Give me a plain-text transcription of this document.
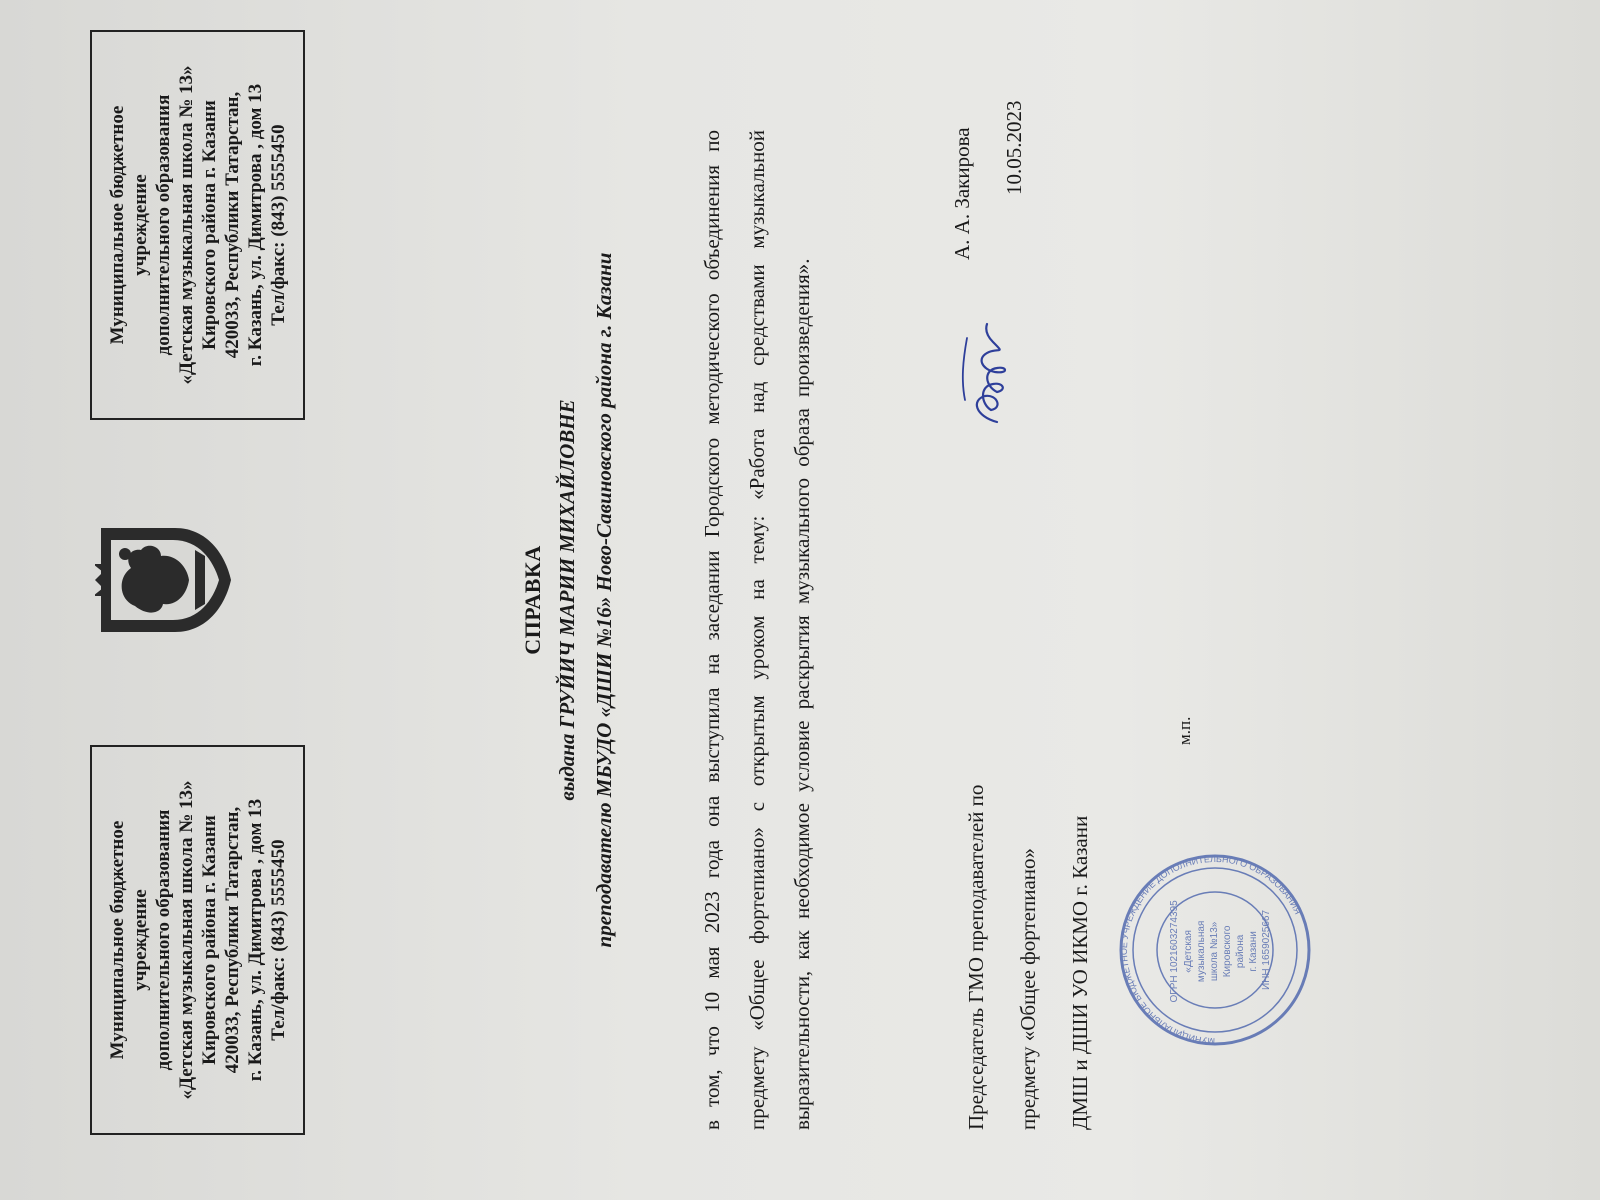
Муниципальное бюджетное учреждение дополнительного образования «Детская музыкальная школа № 13» Кировского района г. Казани 420033, Республики Татарстан, г. Казань, ул. Димитрова , дом 13 Тел/факс: (843) 5555450
Муниципальное бюджетное учреждение дополнительного образования «Детская музыкальная школа № 13» Кировского района г. Казани 420033, Республики Татарстан, г. Казань, ул. Димитрова , дом 13 Тел/факс: (843) 5555450
СПРАВКА выдана ГРУЙИЧ МАРИИ МИХАЙЛОВНЕ преподавателю МБУДО «ДШИ №16» Ново-Савиновского района г. Казани	в том, что 10 мая 2023 года она выступила на заседании Городского методического объединения по предмету «Общее фортепиано» с открытым уроком на тему: «Работа над средствами музыкальной выразительности, как необходимое условие раскрытия музыкального образа произведения».	Председатель ГМО преподавателей по	предмету «Общее фортепиано»	ДМШ и ДШИ УО ИКМО г. Казани
А. А. Закирова 10.05.2023
МУНИЦИПАЛЬНОЕ БЮДЖЕТНОЕ УЧРЕЖДЕНИЕ ДОПОЛНИТЕЛЬНОГО ОБРАЗОВАНИЯ
ОГРН 1021603274395 «Детская музыкальная школа №13» Кировского района г. Казани ИНН 1659025667
м.п.
